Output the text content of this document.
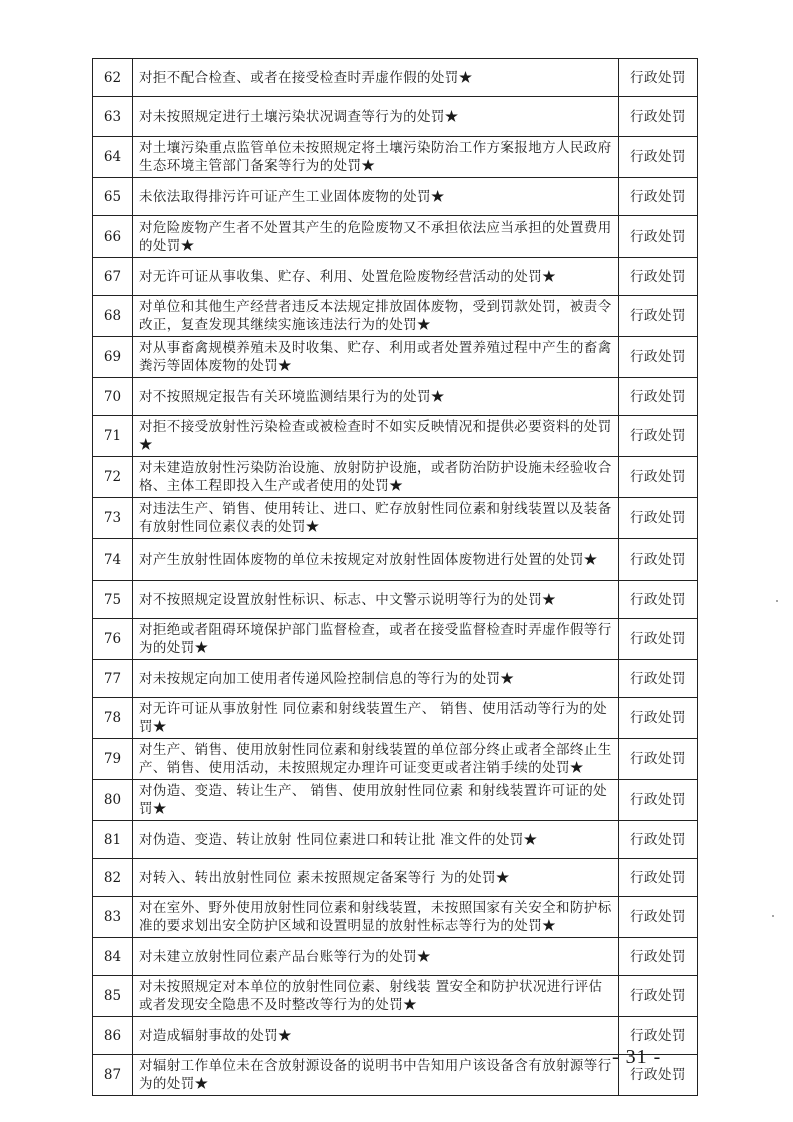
62	对拒不配合检查、或者在接受检查时弄虚作假的处罚★	行政处罚
63	对未按照规定进行土壤污染状况调查等行为的处罚★	行政处罚
64	对土壤污染重点监管单位未按照规定将土壤污染防治工作方案报地方人民政府生态环境主管部门备案等行为的处罚★	行政处罚
65	未依法取得排污许可证产生工业固体废物的处罚★	行政处罚
66	对危险废物产生者不处置其产生的危险废物又不承担依法应当承担的处置费用的处罚★	行政处罚
67	对无许可证从事收集、贮存、利用、处置危险废物经营活动的处罚★	行政处罚
68	对单位和其他生产经营者违反本法规定排放固体废物，受到罚款处罚，被责令改正，复查发现其继续实施该违法行为的处罚★	行政处罚
69	对从事畜禽规模养殖未及时收集、贮存、利用或者处置养殖过程中产生的畜禽粪污等固体废物的处罚★	行政处罚
70	对不按照规定报告有关环境监测结果行为的处罚★	行政处罚
71	对拒不接受放射性污染检查或被检查时不如实反映情况和提供必要资料的处罚★	行政处罚
72	对未建造放射性污染防治设施、放射防护设施，或者防治防护设施未经验收合格、主体工程即投入生产或者使用的处罚★	行政处罚
73	对违法生产、销售、使用转让、进口、贮存放射性同位素和射线装置以及装备有放射性同位素仪表的处罚★	行政处罚
74	对产生放射性固体废物的单位未按规定对放射性固体废物进行处置的处罚★	行政处罚
75	对不按照规定设置放射性标识、标志、中文警示说明等行为的处罚★	行政处罚
76	对拒绝或者阻碍环境保护部门监督检查，或者在接受监督检查时弄虚作假等行为的处罚★	行政处罚
77	对未按规定向加工使用者传递风险控制信息的等行为的处罚★	行政处罚
78	对无许可证从事放射性 同位素和射线装置生产、 销售、使用活动等行为的处罚★	行政处罚
79	对生产、销售、使用放射性同位素和射线装置的单位部分终止或者全部终止生产、销售、使用活动，未按照规定办理许可证变更或者注销手续的处罚★	行政处罚
80	对伪造、变造、转让生产、 销售、使用放射性同位素 和射线装置许可证的处罚★	行政处罚
81	对伪造、变造、转让放射 性同位素进口和转让批 准文件的处罚★	行政处罚
82	对转入、转出放射性同位 素未按照规定备案等行 为的处罚★	行政处罚
83	对在室外、野外使用放射性同位素和射线装置，未按照国家有关安全和防护标准的要求划出安全防护区域和设置明显的放射性标志等行为的处罚★	行政处罚
84	对未建立放射性同位素产品台账等行为的处罚★	行政处罚
85	对未按照规定对本单位的放射性同位素、射线装 置安全和防护状况进行评估或者发现安全隐患不及时整改等行为的处罚★	行政处罚
86	对造成辐射事故的处罚★	行政处罚
87	对辐射工作单位未在含放射源设备的说明书中告知用户该设备含有放射源等行为的处罚★	行政处罚
- 31 -
